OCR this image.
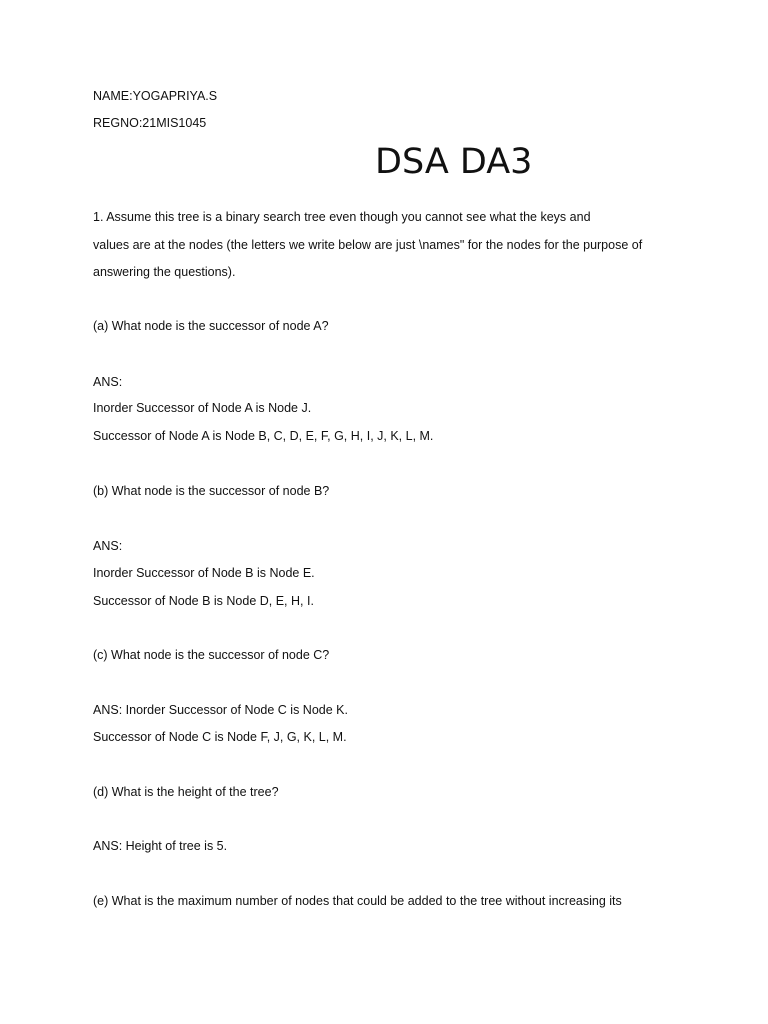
NAME:YOGAPRIYA.S
REGNO:21MIS1045
DSA DA3
1. Assume this tree is a binary search tree even though you cannot see what the keys and
values are at the nodes (the letters we write below are just \names" for the nodes for the purpose of
answering the questions).
(a) What node is the successor of node A?
ANS:
Inorder Successor of Node A is Node J.
Successor of Node A is Node B, C, D, E, F, G, H, I, J, K, L, M.
(b) What node is the successor of node B?
ANS:
Inorder Successor of Node B is Node E.
Successor of Node B is Node D, E, H, I.
(c) What node is the successor of node C?
ANS: Inorder Successor of Node C is Node K.
Successor of Node C is Node F, J, G, K, L, M.
(d) What is the height of the tree?
ANS: Height of tree is 5.
(e) What is the maximum number of nodes that could be added to the tree without increasing its
